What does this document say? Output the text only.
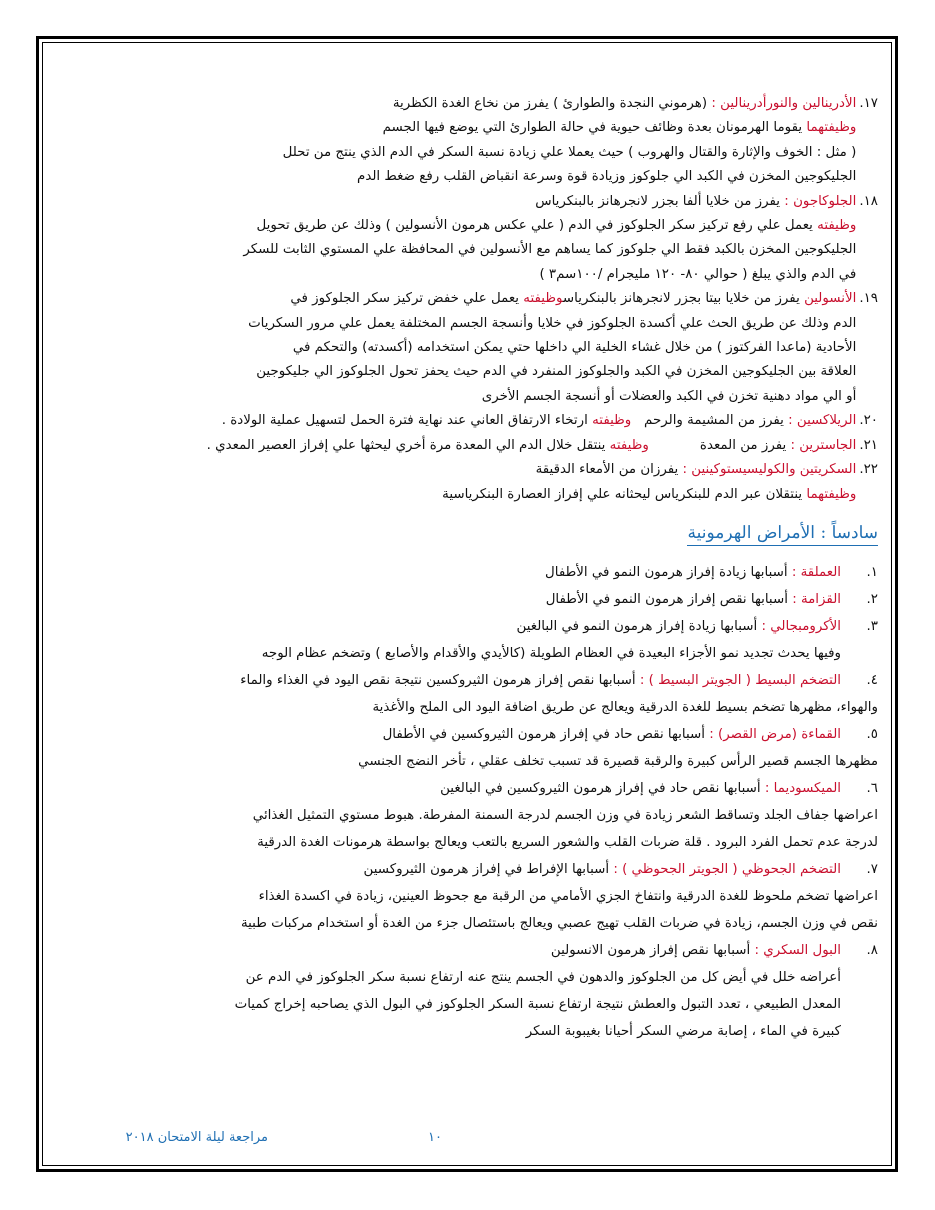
١٧.
الأدرينالين والنورأدرينالين : (هرموني النجدة والطوارئ ) يفرز من نخاع الغدة الكظرية
وظيفتهما يقوما الهرمونان بعدة وظائف حيوية في حالة الطوارئ التي يوضع فيها الجسم
( مثل : الخوف والإثارة والقتال والهروب ) حيث يعملا علي زيادة نسبة السكر في الدم الذي ينتج من تحلل
الجليكوجين المخزن في الكبد الي جلوكوز وزيادة قوة وسرعة انقباض القلب رفع ضغط الدم
١٨.
الجلوكاجون : يفرز من خلايا ألفا بجزر لانجرهانز بالبنكرياس
وظيفته يعمل علي رفع تركيز سكر الجلوكوز في الدم ( علي عكس هرمون الأنسولين ) وذلك عن طريق تحويل
الجليكوجين المخزن بالكبد فقط الي جلوكوز كما يساهم مع الأنسولين في المحافظة علي المستوي الثابت للسكر
في الدم والذي يبلغ ( حوالي ٨٠- ١٢٠ مليجرام /١٠٠سم٣ )
١٩.
الأنسولين يفرز من خلايا بيتا بجزر لانجرهانز بالبنكرياسوظيفته يعمل علي خفض تركيز سكر الجلوكوز في
الدم وذلك عن طريق الحث علي أكسدة الجلوكوز في خلايا وأنسجة الجسم المختلفة يعمل علي مرور السكريات
الأحادية (ماعدا الفركتوز ) من خلال غشاء الخلية الي داخلها حتي يمكن استخدامه (أكسدته) والتحكم في
العلاقة بين الجليكوجين المخزن في الكبد والجلوكوز المنفرد في الدم حيث يحفز تحول الجلوكوز الي جليكوجين
أو الي مواد دهنية تخزن في الكبد والعضلات أو أنسجة الجسم الأخرى
٢٠.
الريلاكسين : يفرز من المشيمة والرحم   وظيفته ارتخاء الارتفاق العاني عند نهاية فترة الحمل لتسهيل عملية الولادة .
٢١.
الجاسترين : يفرز من المعدة            وظيفته ينتقل خلال الدم الي المعدة مرة أخري ليحثها علي إفراز العصير المعدي .
٢٢.
السكريتين والكوليسيستوكينين : يفرزان من الأمعاء الدقيقة
وظيفتهما ينتقلان عبر الدم للبنكرياس ليحثانه علي إفراز العصارة البنكرياسية
سادساً : الأمراض الهرمونية
١.
العملقة : أسبابها زيادة إفراز هرمون النمو في الأطفال
٢.
القزامة : أسبابها نقص إفراز هرمون النمو في الأطفال
٣.
الأكرومبجالي : أسبابها زيادة إفراز هرمون النمو في البالغين
وفيها يحدث تجديد نمو الأجزاء البعيدة في العظام الطويلة (كالأيدي والأقدام والأصابع ) وتضخم عظام الوجه
٤.
التضخم البسيط ( الجويتر البسيط ) : أسبابها نقص إفراز هرمون الثيروكسين نتيجة نقص اليود في الغذاء والماء
والهواء، مظهرها تضخم بسيط للغدة الدرقية ويعالج عن طريق اضافة اليود الى الملح والأغذية
٥.
القماءة (مرض القصر) : أسبابها نقص حاد في إفراز هرمون الثيروكسين في الأطفال
مظهرها الجسم قصير الرأس كبيرة والرقبة قصيرة قد تسبب تخلف عقلي ، تأخر النضج الجنسي
٦.
الميكسوديما : أسبابها نقص حاد في إفراز هرمون الثيروكسين في البالغين
اعراضها جفاف الجلد وتساقط الشعر زيادة في وزن الجسم لدرجة السمنة المفرطة. هبوط مستوي التمثيل الغذائي
لدرجة عدم تحمل الفرد البرود . قلة ضربات القلب والشعور السريع بالتعب ويعالج بواسطة هرمونات الغدة الدرقية
٧.
التضخم الجحوظي ( الجويتر الجحوظي ) : أسبابها الإفراط في إفراز هرمون الثيروكسين
اعراضها تضخم ملحوظ للغدة الدرقية وانتفاخ الجزي الأمامي من الرقبة مع جحوظ العينين، زيادة في اكسدة الغذاء
نقص في وزن الجسم، زيادة في ضربات القلب تهيج عصبي ويعالج باستئصال جزء من الغدة أو استخدام مركبات طبية
٨.
البول السكري : أسبابها نقص إفراز هرمون الانسولين
أعراضه خلل في أيض كل من الجلوكوز والدهون في الجسم ينتج عنه ارتفاع نسبة سكر الجلوكوز في الدم عن
المعدل الطبيعي ، تعدد التبول والعطش نتيجة ارتفاع نسبة السكر الجلوكوز في البول الذي يصاحبه إخراج كميات
كبيرة في الماء ، إصابة مرضي السكر أحيانا بغيبوبة السكر
مراجعة ليلة الامتحان ٢٠١٨	١٠
